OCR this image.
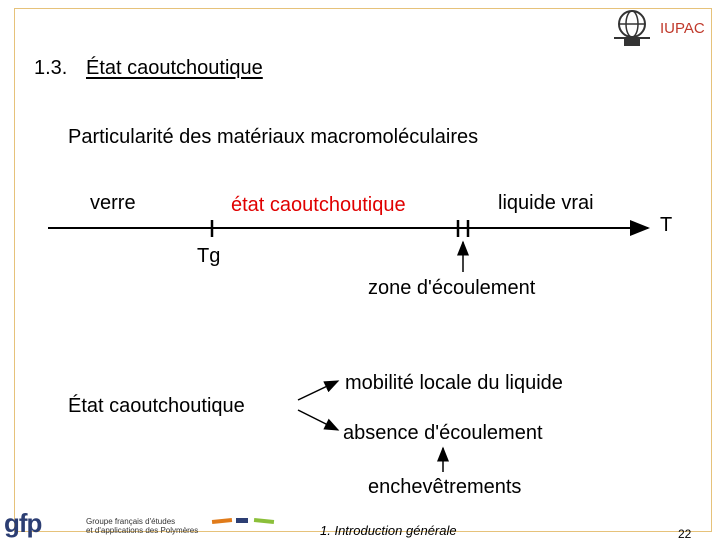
IUPAC
1.3. État caoutchoutique
Particularité des matériaux macromoléculaires
verre	état caoutchoutique	liquide vrai
T
Tg
zone d'écoulement
État caoutchoutique
mobilité locale du liquide
absence d'écoulement
enchevêtrements
gfp	Groupe français d'études
et d'applications des Polymères	1. Introduction générale	22
